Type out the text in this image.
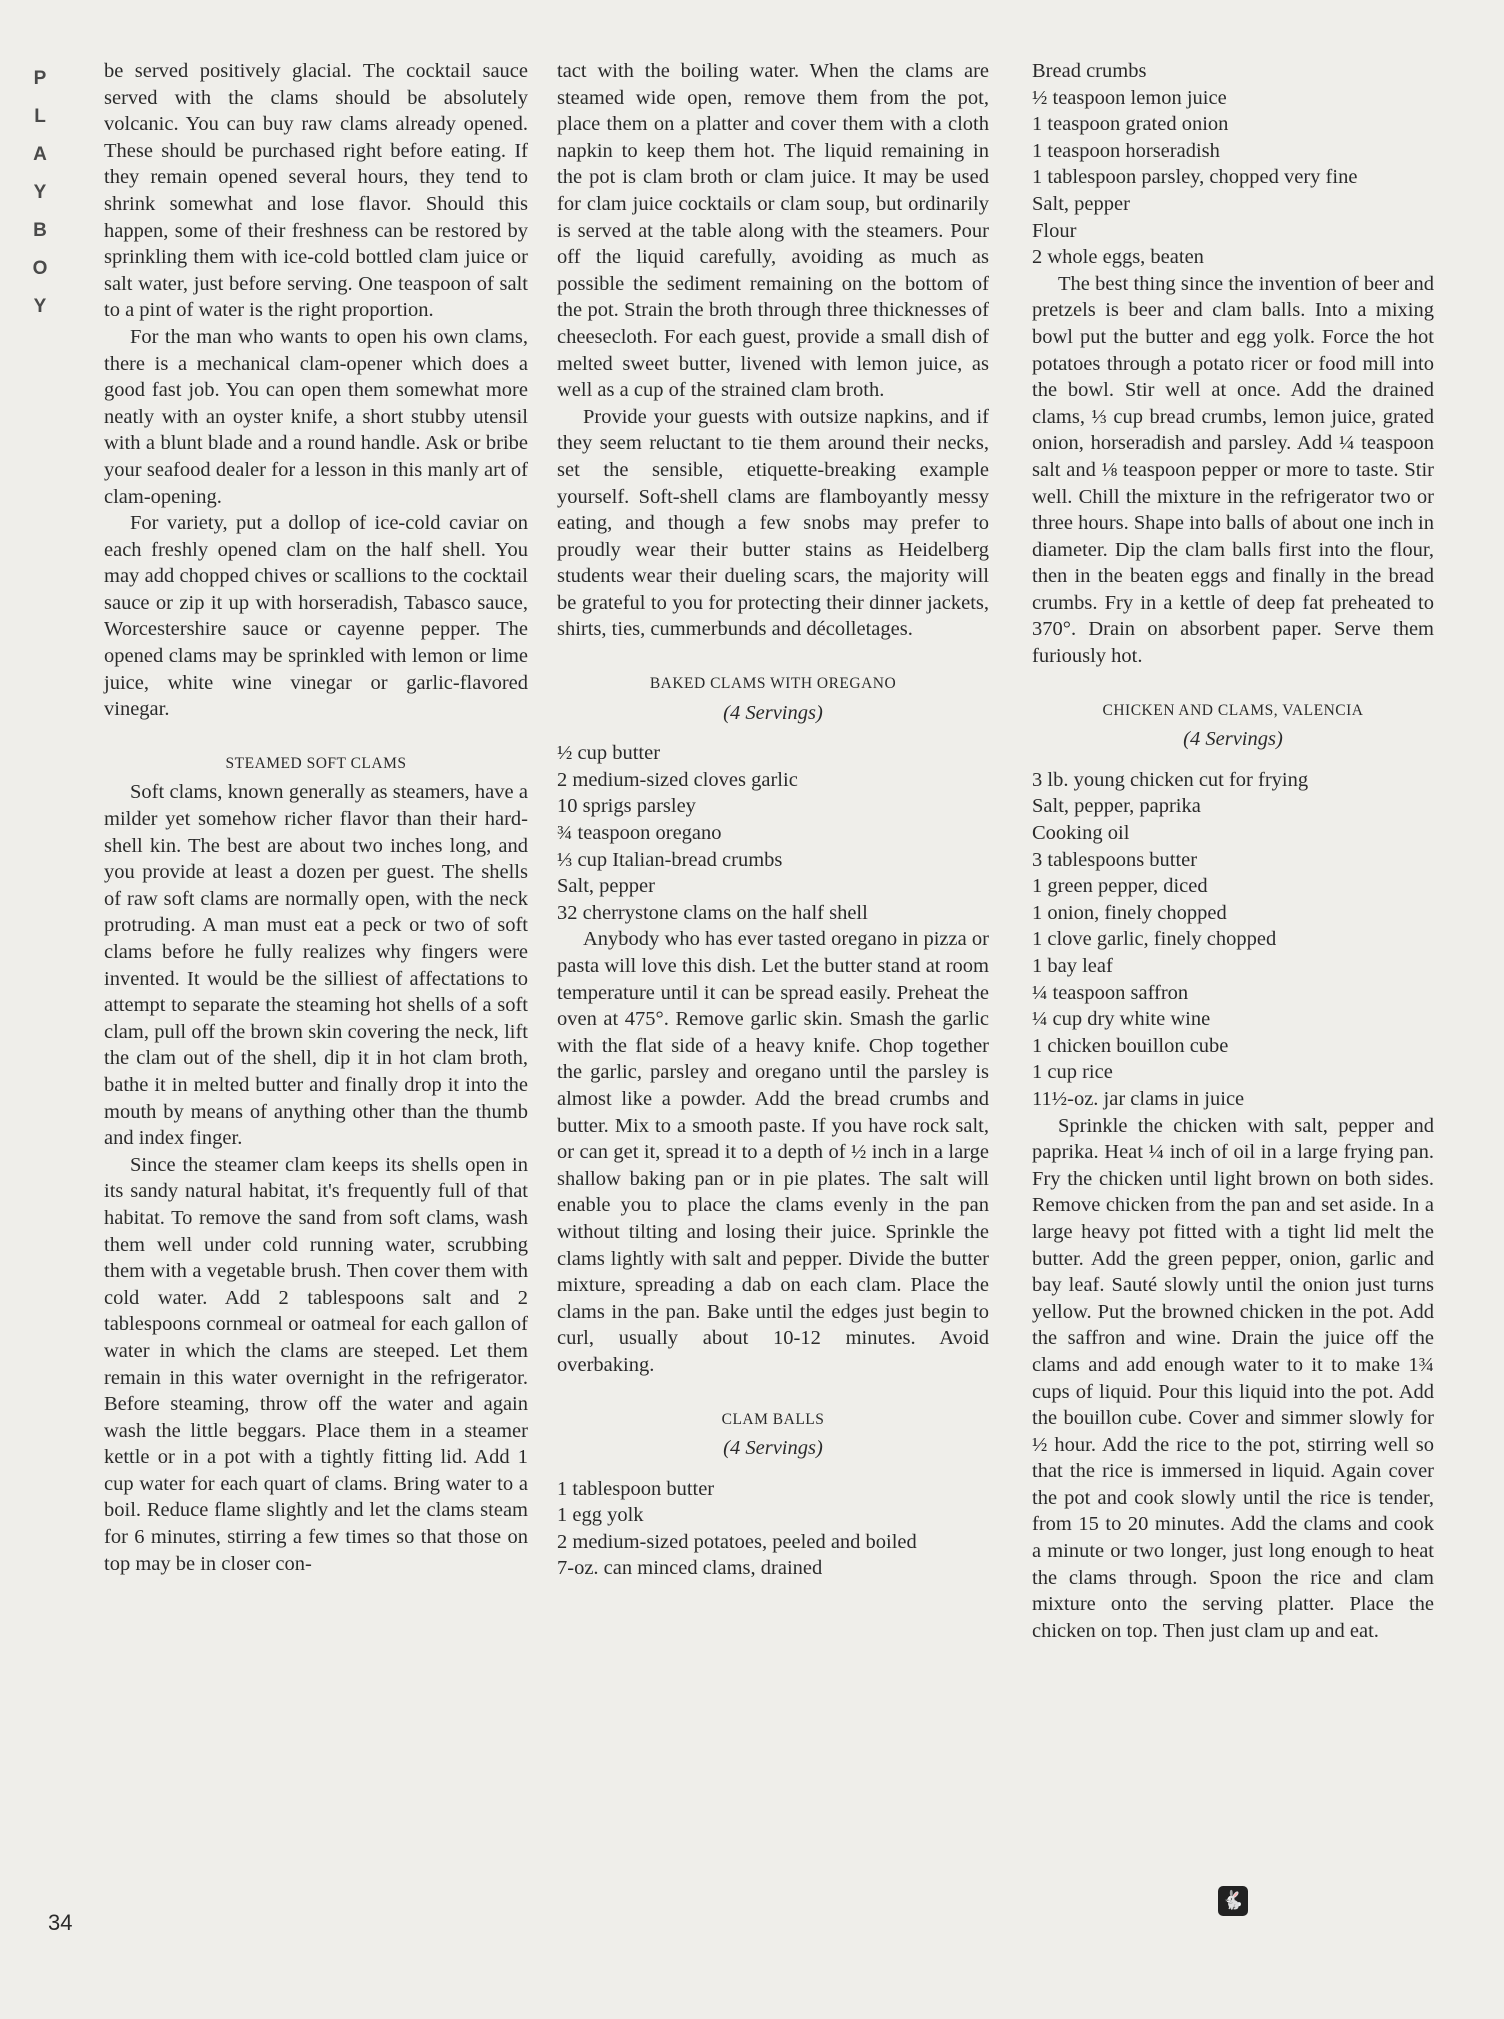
P
L
A
Y
B
O
Y
34

be served positively glacial. The cocktail sauce served with the clams should be absolutely volcanic. You can buy raw clams already opened. These should be purchased right before eating. If they remain opened several hours, they tend to shrink somewhat and lose flavor. Should this happen, some of their freshness can be restored by sprinkling them with ice-cold bottled clam juice or salt water, just before serving. One teaspoon of salt to a pint of water is the right proportion.

For the man who wants to open his own clams, there is a mechanical clam-opener which does a good fast job. You can open them somewhat more neatly with an oyster knife, a short stubby utensil with a blunt blade and a round handle. Ask or bribe your seafood dealer for a lesson in this manly art of clam-opening.

For variety, put a dollop of ice-cold caviar on each freshly opened clam on the half shell. You may add chopped chives or scallions to the cocktail sauce or zip it up with horseradish, Tabasco sauce, Worcestershire sauce or cayenne pepper. The opened clams may be sprinkled with lemon or lime juice, white wine vinegar or garlic-flavored vinegar.

STEAMED SOFT CLAMS

Soft clams, known generally as steamers, have a milder yet somehow richer flavor than their hard-shell kin. The best are about two inches long, and you provide at least a dozen per guest. The shells of raw soft clams are normally open, with the neck protruding. A man must eat a peck or two of soft clams before he fully realizes why fingers were invented. It would be the silliest of affectations to attempt to separate the steaming hot shells of a soft clam, pull off the brown skin covering the neck, lift the clam out of the shell, dip it in hot clam broth, bathe it in melted butter and finally drop it into the mouth by means of anything other than the thumb and index finger.

Since the steamer clam keeps its shells open in its sandy natural habitat, it's frequently full of that habitat. To remove the sand from soft clams, wash them well under cold running water, scrubbing them with a vegetable brush. Then cover them with cold water. Add 2 tablespoons salt and 2 tablespoons cornmeal or oatmeal for each gallon of water in which the clams are steeped. Let them remain in this water overnight in the refrigerator. Before steaming, throw off the water and again wash the little beggars. Place them in a steamer kettle or in a pot with a tightly fitting lid. Add 1 cup water for each quart of clams. Bring water to a boil. Reduce flame slightly and let the clams steam for 6 minutes, stirring a few times so that those on top may be in closer con-

tact with the boiling water. When the clams are steamed wide open, remove them from the pot, place them on a platter and cover them with a cloth napkin to keep them hot. The liquid remaining in the pot is clam broth or clam juice. It may be used for clam juice cocktails or clam soup, but ordinarily is served at the table along with the steamers. Pour off the liquid carefully, avoiding as much as possible the sediment remaining on the bottom of the pot. Strain the broth through three thicknesses of cheesecloth. For each guest, provide a small dish of melted sweet butter, livened with lemon juice, as well as a cup of the strained clam broth.

Provide your guests with outsize napkins, and if they seem reluctant to tie them around their necks, set the sensible, etiquette-breaking example yourself. Soft-shell clams are flamboyantly messy eating, and though a few snobs may prefer to proudly wear their butter stains as Heidelberg students wear their dueling scars, the majority will be grateful to you for protecting their dinner jackets, shirts, ties, cummerbunds and décolletages.

BAKED CLAMS WITH OREGANO
(4 Servings)
½ cup butter
2 medium-sized cloves garlic
10 sprigs parsley
¾ teaspoon oregano
⅓ cup Italian-bread crumbs
Salt, pepper
32 cherrystone clams on the half shell

Anybody who has ever tasted oregano in pizza or pasta will love this dish. Let the butter stand at room temperature until it can be spread easily. Preheat the oven at 475°. Remove garlic skin. Smash the garlic with the flat side of a heavy knife. Chop together the garlic, parsley and oregano until the parsley is almost like a powder. Add the bread crumbs and butter. Mix to a smooth paste. If you have rock salt, or can get it, spread it to a depth of ½ inch in a large shallow baking pan or in pie plates. The salt will enable you to place the clams evenly in the pan without tilting and losing their juice. Sprinkle the clams lightly with salt and pepper. Divide the butter mixture, spreading a dab on each clam. Place the clams in the pan. Bake until the edges just begin to curl, usually about 10-12 minutes. Avoid overbaking.

CLAM BALLS
(4 Servings)
1 tablespoon butter
1 egg yolk
2 medium-sized potatoes, peeled and boiled
7-oz. can minced clams, drained
Bread crumbs
½ teaspoon lemon juice
1 teaspoon grated onion
1 teaspoon horseradish
1 tablespoon parsley, chopped very fine
Salt, pepper
Flour
2 whole eggs, beaten

The best thing since the invention of beer and pretzels is beer and clam balls. Into a mixing bowl put the butter and egg yolk. Force the hot potatoes through a potato ricer or food mill into the bowl. Stir well at once. Add the drained clams, ⅓ cup bread crumbs, lemon juice, grated onion, horseradish and parsley. Add ¼ teaspoon salt and ⅛ teaspoon pepper or more to taste. Stir well. Chill the mixture in the refrigerator two or three hours. Shape into balls of about one inch in diameter. Dip the clam balls first into the flour, then in the beaten eggs and finally in the bread crumbs. Fry in a kettle of deep fat preheated to 370°. Drain on absorbent paper. Serve them furiously hot.

CHICKEN AND CLAMS, VALENCIA
(4 Servings)
3 lb. young chicken cut for frying
Salt, pepper, paprika
Cooking oil
3 tablespoons butter
1 green pepper, diced
1 onion, finely chopped
1 clove garlic, finely chopped
1 bay leaf
¼ teaspoon saffron
¼ cup dry white wine
1 chicken bouillon cube
1 cup rice
11½-oz. jar clams in juice

Sprinkle the chicken with salt, pepper and paprika. Heat ¼ inch of oil in a large frying pan. Fry the chicken until light brown on both sides. Remove chicken from the pan and set aside. In a large heavy pot fitted with a tight lid melt the butter. Add the green pepper, onion, garlic and bay leaf. Sauté slowly until the onion just turns yellow. Put the browned chicken in the pot. Add the saffron and wine. Drain the juice off the clams and add enough water to it to make 1¾ cups of liquid. Pour this liquid into the pot. Add the bouillon cube. Cover and simmer slowly for ½ hour. Add the rice to the pot, stirring well so that the rice is immersed in liquid. Again cover the pot and cook slowly until the rice is tender, from 15 to 20 minutes. Add the clams and cook a minute or two longer, just long enough to heat the clams through. Spoon the rice and clam mixture onto the serving platter. Place the chicken on top. Then just clam up and eat.

🐇
